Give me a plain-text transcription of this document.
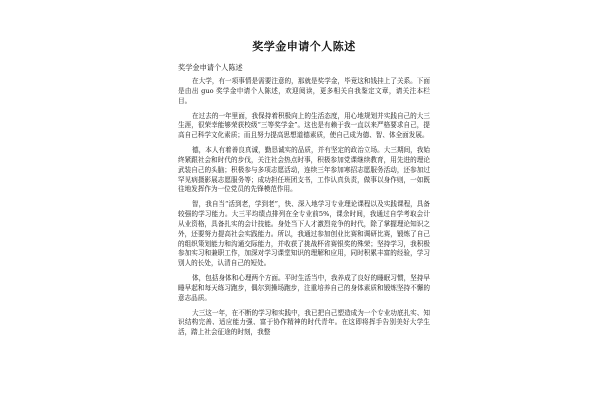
奖学金申请个人陈述
奖学金申请个人陈述

在大学，有一项事情是需要注意的，那就是奖学金，毕竟这和钱挂上了关系。下面是由出 guo 奖学金申请个人陈述，欢迎阅读，更多相关自我鉴定文章，请关注本栏目。

在过去的一年里面，我保持着积极向上的生活态度，用心地规划并实践自己的大三生涯，很荣幸能够荣获校级“三等奖学金”。这也是有赖于我一直以来严格要求自己，提高自己科学文化素质；而且努力提高思想道德素质，使自己成为德、智、体全面发展。

德，本人有着善良真诚，勤恳诚实的品质，并有坚定的政治立场。大三期间，我始终紧跟社会和时代的步伐，关注社会热点时事，积极参加党课继续教育，用先进的理论武装自己的头脑；积极参与多项志愿活动，连续三年参加寒招志愿服务活动，还参加过罕见病摄影展志愿服务等；成功担任班团支书，工作认真负责，做事以身作则，一如既往地发挥作为一位党员的先锋模范作用。

智，我自当“活到老，学到老”，快、深入地学习专业理论课程以及实践课程，具备较强的学习能力。大三平均绩点排列在全专业前5%，课余时间，我通过自学考取会计从业资格，具备扎实的会计技能。身处当下人才激烈竞争的时代，除了掌握理论知识之外，还要努力提高社会实践能力。所以，我通过参加创业比赛和调研比赛，锻炼了自己的组织策划能力和沟通交际能力，并收获了挑战杯省赛银奖的殊荣；坚持学习，我积极参加实习和兼职工作，加深对学习课堂知识的理解和应用，同时积累丰富的经验，学习别人的长处，认清自己的短处。

体，包括身体和心理两个方面。平时生活当中，我养成了良好的睡眠习惯，坚持早睡早起和每天练习跑步，偶尔到操场跑步，注重培养自己的身体素质和锻炼坚持不懈的意志品质。

大三这一年，在不断的学习和实践中，我已把自己塑造成为一个专业功底扎实、知识结构完善、适应能力强、富于协作精神的时代青年。在这即将挥手告别美好大学生活，踏上社会征途的时刻，我整
